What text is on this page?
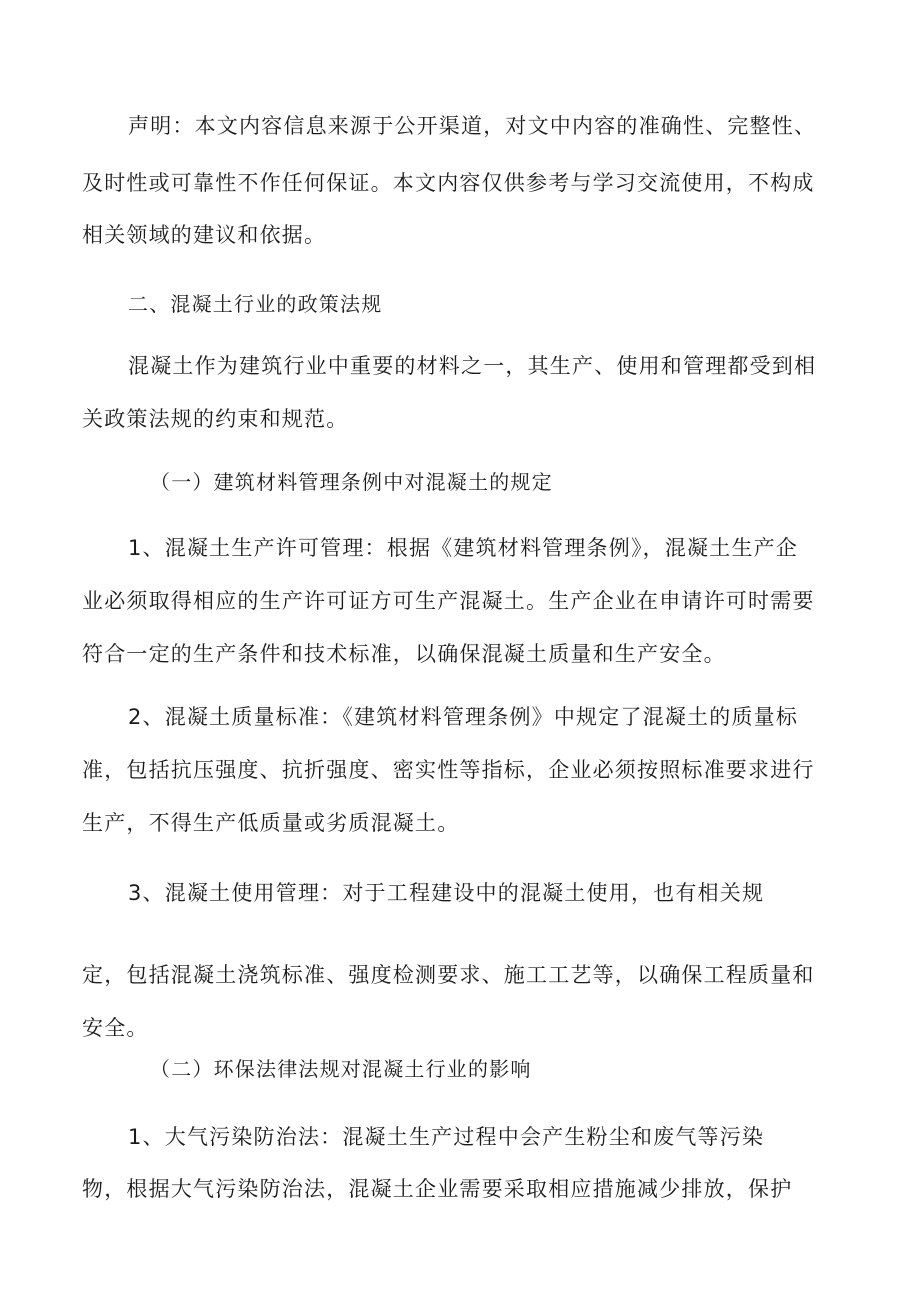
声明：本文内容信息来源于公开渠道，对文中内容的准确性、完整性、
及时性或可靠性不作任何保证。本文内容仅供参考与学习交流使用，不构成
相关领域的建议和依据。
二、混凝土行业的政策法规
混凝土作为建筑行业中重要的材料之一，其生产、使用和管理都受到相
关政策法规的约束和规范。
（一）建筑材料管理条例中对混凝土的规定
1、混凝土生产许可管理：根据《建筑材料管理条例》，混凝土生产企
业必须取得相应的生产许可证方可生产混凝土。生产企业在申请许可时需要
符合一定的生产条件和技术标准，以确保混凝土质量和生产安全。
2、混凝土质量标准：《建筑材料管理条例》中规定了混凝土的质量标
准，包括抗压强度、抗折强度、密实性等指标，企业必须按照标准要求进行
生产，不得生产低质量或劣质混凝土。
3、混凝土使用管理：对于工程建设中的混凝土使用，也有相关规
定，包括混凝土浇筑标准、强度检测要求、施工工艺等，以确保工程质量和
安全。
（二）环保法律法规对混凝土行业的影响
1、大气污染防治法：混凝土生产过程中会产生粉尘和废气等污染
物，根据大气污染防治法，混凝土企业需要采取相应措施减少排放，保护
